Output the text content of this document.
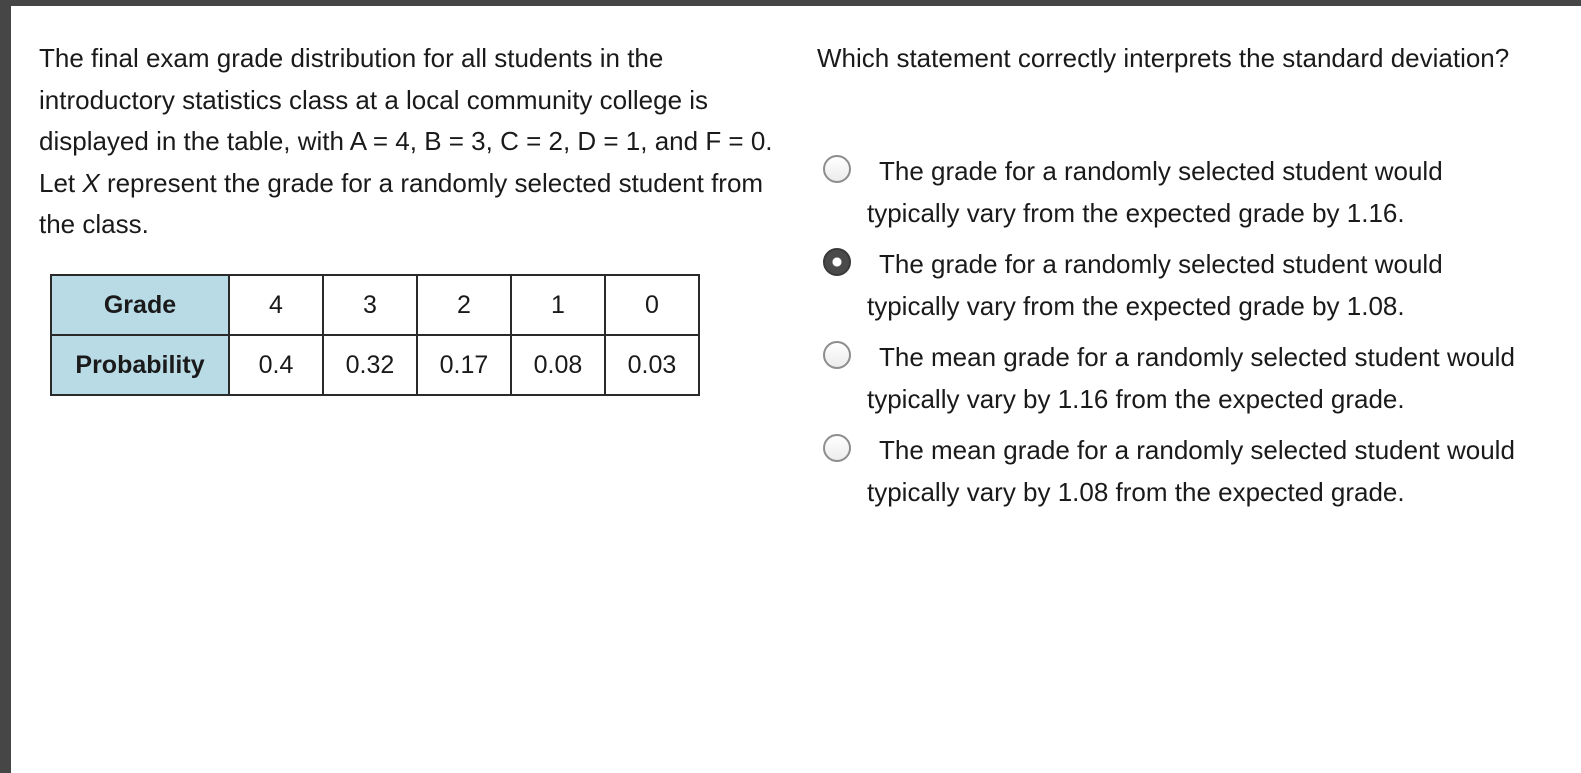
The final exam grade distribution for all students in the introductory statistics class at a local community college is displayed in the table, with A = 4, B = 3, C = 2, D = 1, and F = 0. Let X represent the grade for a randomly selected student from the class.

Grade	4	3	2	1	0
Probability	0.4	0.32	0.17	0.08	0.03

Which statement correctly interprets the standard deviation?

The grade for a randomly selected student would typically vary from the expected grade by 1.16.
The grade for a randomly selected student would typically vary from the expected grade by 1.08.
The mean grade for a randomly selected student would typically vary by 1.16 from the expected grade.
The mean grade for a randomly selected student would typically vary by 1.08 from the expected grade.
